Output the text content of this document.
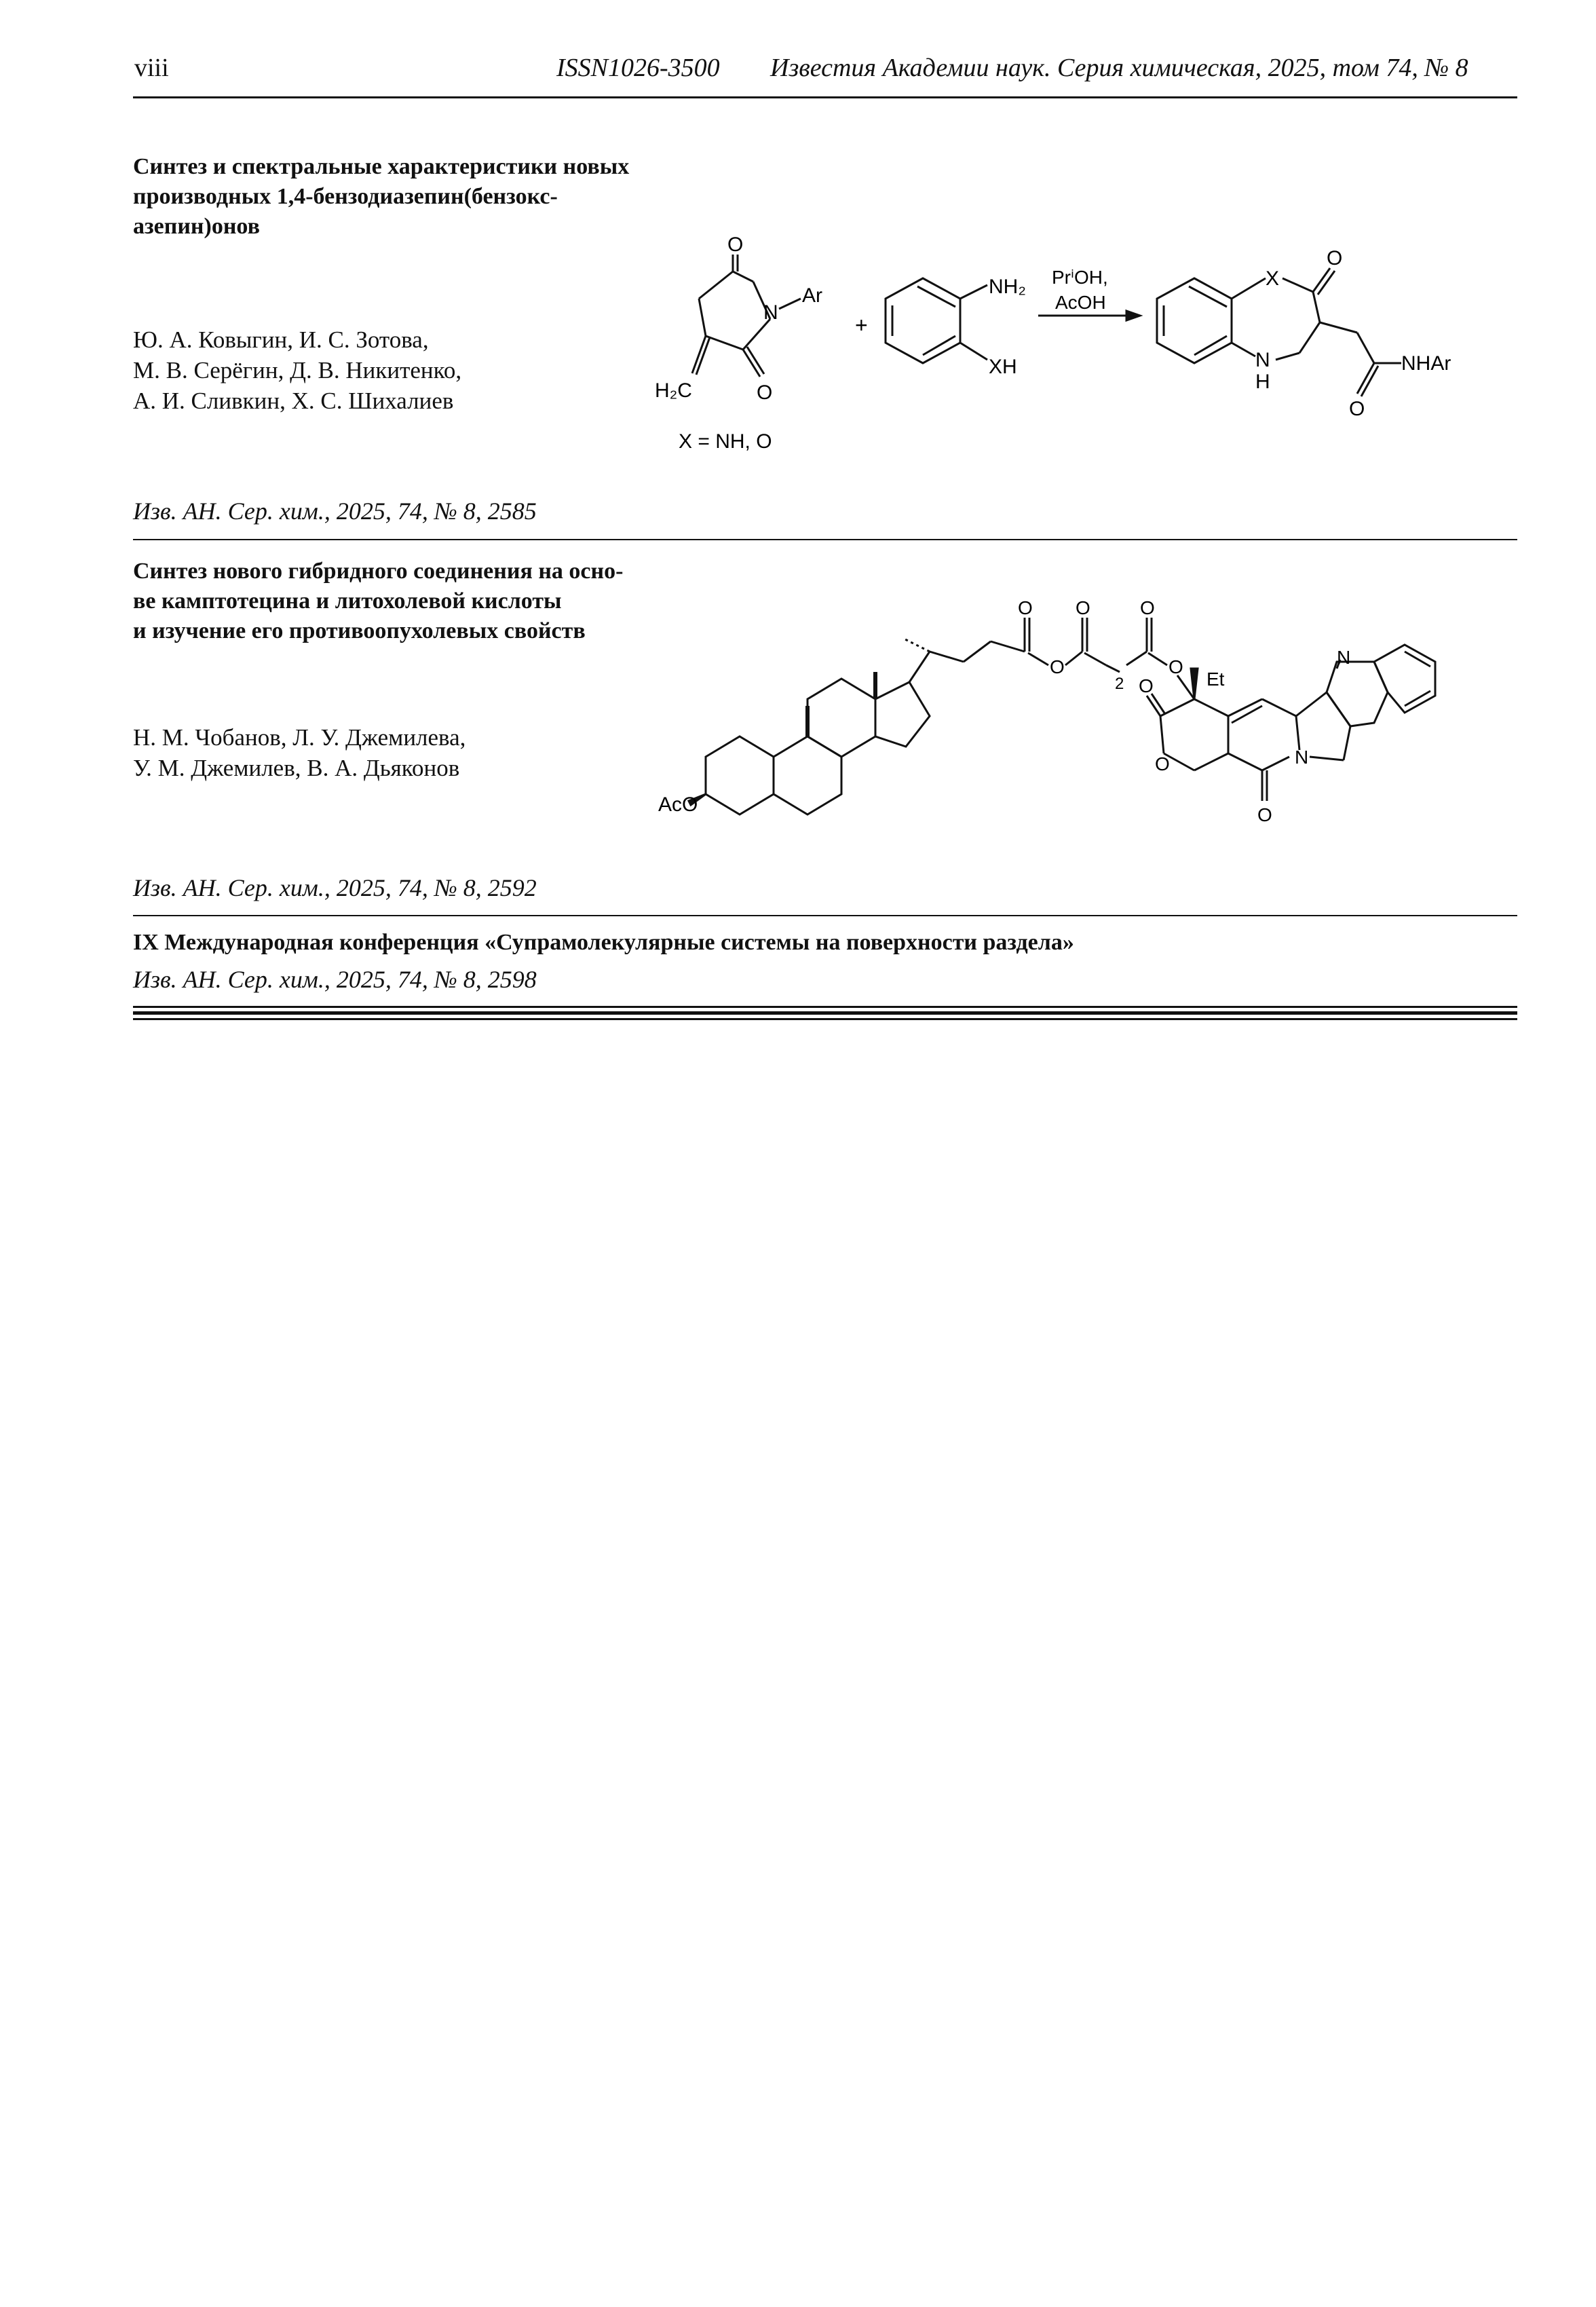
viii	ISSN1026-3500 Известия Академии наук. Серия химическая, 2025, том 74, № 8
Синтез и спектральные характеристики новых
производных 1,4-бензодиазепин(бензокс-
азепин)онов
Ю. А. Ковыгин, И. С. Зотова,
М. В. Серёгин, Д. В. Никитенко,
А. И. Сливкин, Х. С. Шихалиев
O
N
Ar
O
H₂C
+
NH₂
XH
PrⁱOH,
AcOH
X
O
N
H
O
NHAr
X = NH, O
Изв. АН. Сер. хим., 2025, 74, № 8, 2585
Синтез нового гибридного соединения на осно-
ве камптотецина и литохолевой кислоты
и изучение его противоопухолевых свойств
Н. М. Чобанов, Л. У. Джемилева,
У. М. Джемилев, В. А. Дьяконов
AcO
O
O
O	O
2
O
Et
N
N
O
O
O
Изв. АН. Сер. хим., 2025, 74, № 8, 2592
IX Международная конференция «Супрамолекулярные системы на поверхности раздела»
Изв. АН. Сер. хим., 2025, 74, № 8, 2598
